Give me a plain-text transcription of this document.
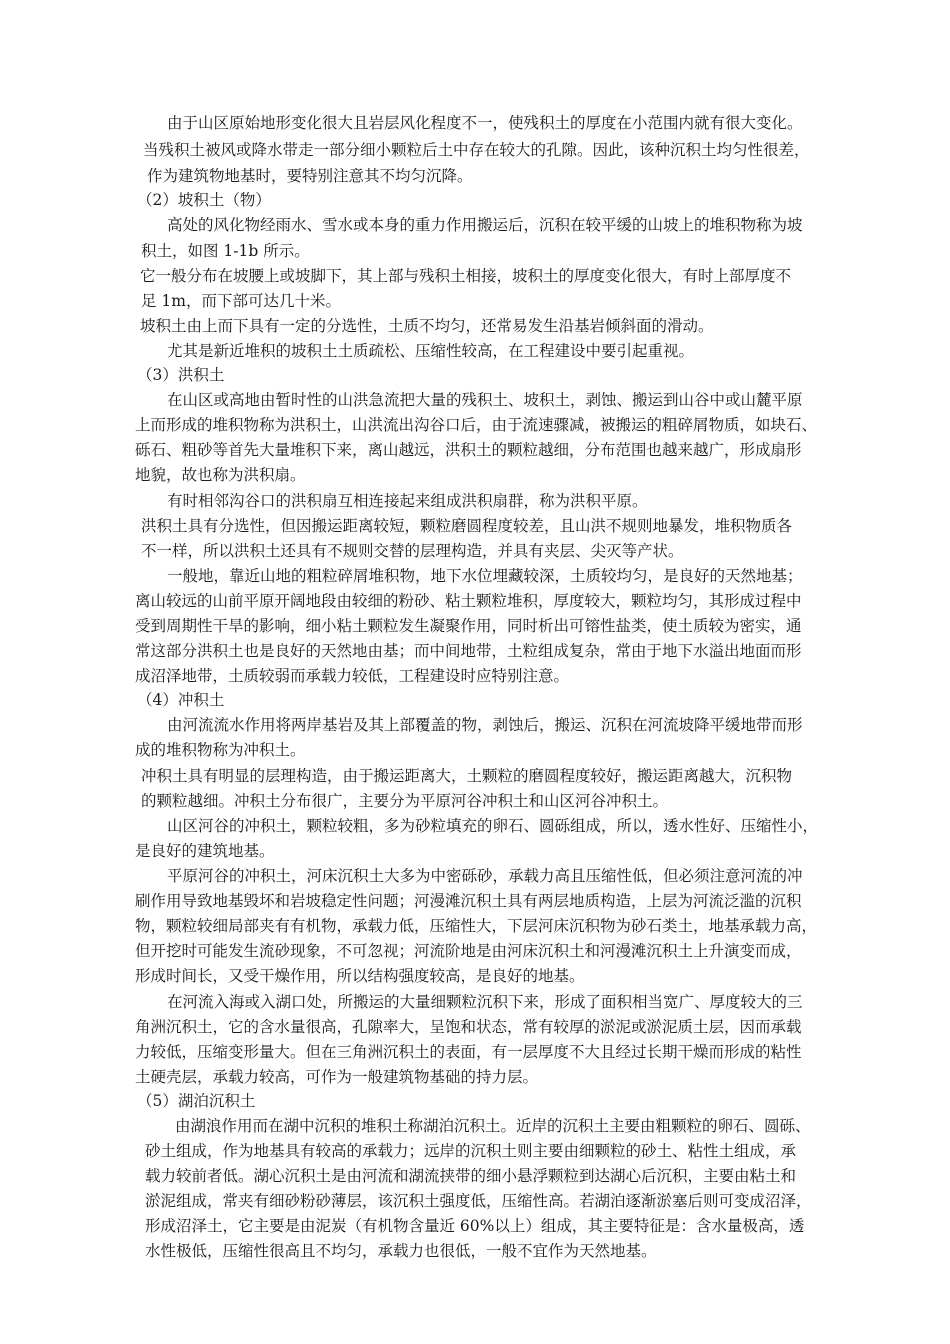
由于山区原始地形变化很大且岩层风化程度不一，使残积土的厚度在小范围内就有很大变化。

当残积土被风或降水带走一部分细小颗粒后土中存在较大的孔隙。因此，该种沉积土均匀性很差，

作为建筑物地基时，要特别注意其不均匀沉降。

（2）坡积土（物）

高处的风化物经雨水、雪水或本身的重力作用搬运后，沉积在较平缓的山坡上的堆积物称为坡

积土，如图 1-1b 所示。

它一般分布在坡腰上或坡脚下，其上部与残积土相接，坡积土的厚度变化很大，有时上部厚度不

足 1m，而下部可达几十米。

坡积土由上而下具有一定的分选性，土质不均匀，还常易发生沿基岩倾斜面的滑动。

尤其是新近堆积的坡积土土质疏松、压缩性较高，在工程建设中要引起重视。

（3）洪积土

在山区或高地由暂时性的山洪急流把大量的残积土、坡积土，剥蚀、搬运到山谷中或山麓平原

上而形成的堆积物称为洪积土，山洪流出沟谷口后，由于流速骤减，被搬运的粗碎屑物质，如块石、

砾石、粗砂等首先大量堆积下来，离山越远，洪积土的颗粒越细，分布范围也越来越广，形成扇形

地貌，故也称为洪积扇。

有时相邻沟谷口的洪积扇互相连接起来组成洪积扇群，称为洪积平原。

洪积土具有分选性，但因搬运距离较短，颗粒磨圆程度较差，且山洪不规则地暴发，堆积物质各

不一样，所以洪积土还具有不规则交替的层理构造，并具有夹层、尖灭等产状。

一般地，靠近山地的粗粒碎屑堆积物，地下水位埋藏较深，土质较均匀，是良好的天然地基；

离山较远的山前平原开阔地段由较细的粉砂、粘土颗粒堆积，厚度较大，颗粒均匀，其形成过程中

受到周期性干旱的影响，细小粘土颗粒发生凝聚作用，同时析出可镕性盐类，使土质较为密实，通

常这部分洪积土也是良好的天然地由基；而中间地带，土粒组成复杂，常由于地下水溢出地面而形

成沼泽地带，土质较弱而承载力较低，工程建设时应特别注意。

（4）冲积土

由河流流水作用将两岸基岩及其上部覆盖的物，剥蚀后，搬运、沉积在河流坡降平缓地带而形

成的堆积物称为冲积土。

冲积土具有明显的层理构造，由于搬运距离大，土颗粒的磨圆程度较好，搬运距离越大，沉积物

的颗粒越细。冲积土分布很广，主要分为平原河谷冲积土和山区河谷冲积土。

山区河谷的冲积土，颗粒较粗，多为砂粒填充的卵石、圆砾组成，所以，透水性好、压缩性小，

是良好的建筑地基。

平原河谷的冲积土，河床沉积土大多为中密砾砂，承载力高且压缩性低，但必须注意河流的冲

刷作用导致地基毁坏和岩坡稳定性问题；河漫滩沉积土具有两层地质构造，上层为河流泛滥的沉积

物，颗粒较细局部夹有有机物，承载力低，压缩性大，下层河床沉积物为砂石类土，地基承载力高，

但开挖时可能发生流砂现象，不可忽视；河流阶地是由河床沉积土和河漫滩沉积土上升演变而成，

形成时间长，又受干燥作用，所以结构强度较高，是良好的地基。

在河流入海或入湖口处，所搬运的大量细颗粒沉积下来，形成了面积相当宽广、厚度较大的三

角洲沉积土，它的含水量很高，孔隙率大，呈饱和状态，常有较厚的淤泥或淤泥质土层，因而承载

力较低，压缩变形量大。但在三角洲沉积土的表面，有一层厚度不大且经过长期干燥而形成的粘性

土硬壳层，承载力较高，可作为一般建筑物基础的持力层。

（5）湖泊沉积土

由湖浪作用而在湖中沉积的堆积土称湖泊沉积土。近岸的沉积土主要由粗颗粒的卵石、圆砾、

砂土组成，作为地基具有较高的承载力；远岸的沉积土则主要由细颗粒的砂土、粘性土组成，承

载力较前者低。湖心沉积土是由河流和湖流挟带的细小悬浮颗粒到达湖心后沉积，主要由粘土和

淤泥组成，常夹有细砂粉砂薄层，该沉积土强度低，压缩性高。若湖泊逐渐淤塞后则可变成沼泽，

形成沼泽土，它主要是由泥炭（有机物含量近 60%以上）组成，其主要特征是：含水量极高，透

水性极低，压缩性很高且不均匀，承载力也很低，一般不宜作为天然地基。
